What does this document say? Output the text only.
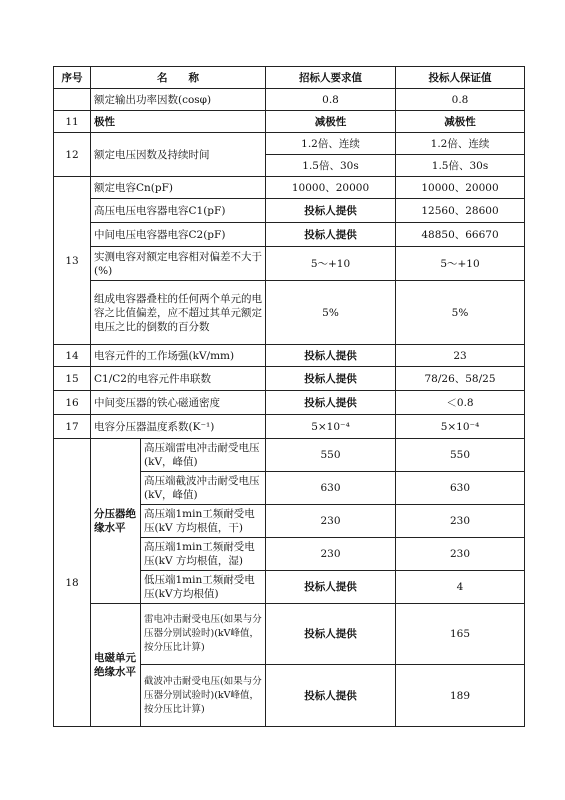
序号	名　　称		招标人要求值	投标人保证值
	额定输出功率因数(cosφ)		0.8	0.8
11	极性		减极性	减极性
12	额定电压因数及持续时间		1.2倍、连续	1.2倍、连续
			1.5倍、30s	1.5倍、30s
13	额定电容Cn(pF)		10000、20000	10000、20000
	高压电压电容器电容C1(pF)		投标人提供	12560、28600
	中间电压电容器电容C2(pF)		投标人提供	48850、66670
	实测电容对额定电容相对偏差不大于(%)		5～+10	5～+10
	组成电容器叠柱的任何两个单元的电容之比值偏差，应不超过其单元额定电压之比的倒数的百分数		5%	5%
14	电容元件的工作场强(kV/mm)		投标人提供	23
15	C1/C2的电容元件串联数		投标人提供	78/26、58/25
16	中间变压器的铁心磁通密度		投标人提供	＜0.8
17	电容分压器温度系数(K⁻¹)		5×10⁻⁴	5×10⁻⁴
18	分压器绝缘水平	高压端雷电冲击耐受电压(kV，峰值)	550	550
		高压端截波冲击耐受电压(kV，峰值)	630	630
		高压端1min工频耐受电压(kV 方均根值，干)	230	230
		高压端1min工频耐受电压(kV 方均根值，湿)	230	230
		低压端1min工频耐受电压(kV方均根值)	投标人提供	4
	电磁单元绝缘水平	雷电冲击耐受电压(如果与分压器分别试验时)(kV峰值，按分压比计算)	投标人提供	165
		截波冲击耐受电压(如果与分压器分别试验时)(kV峰值，按分压比计算)	投标人提供	189
